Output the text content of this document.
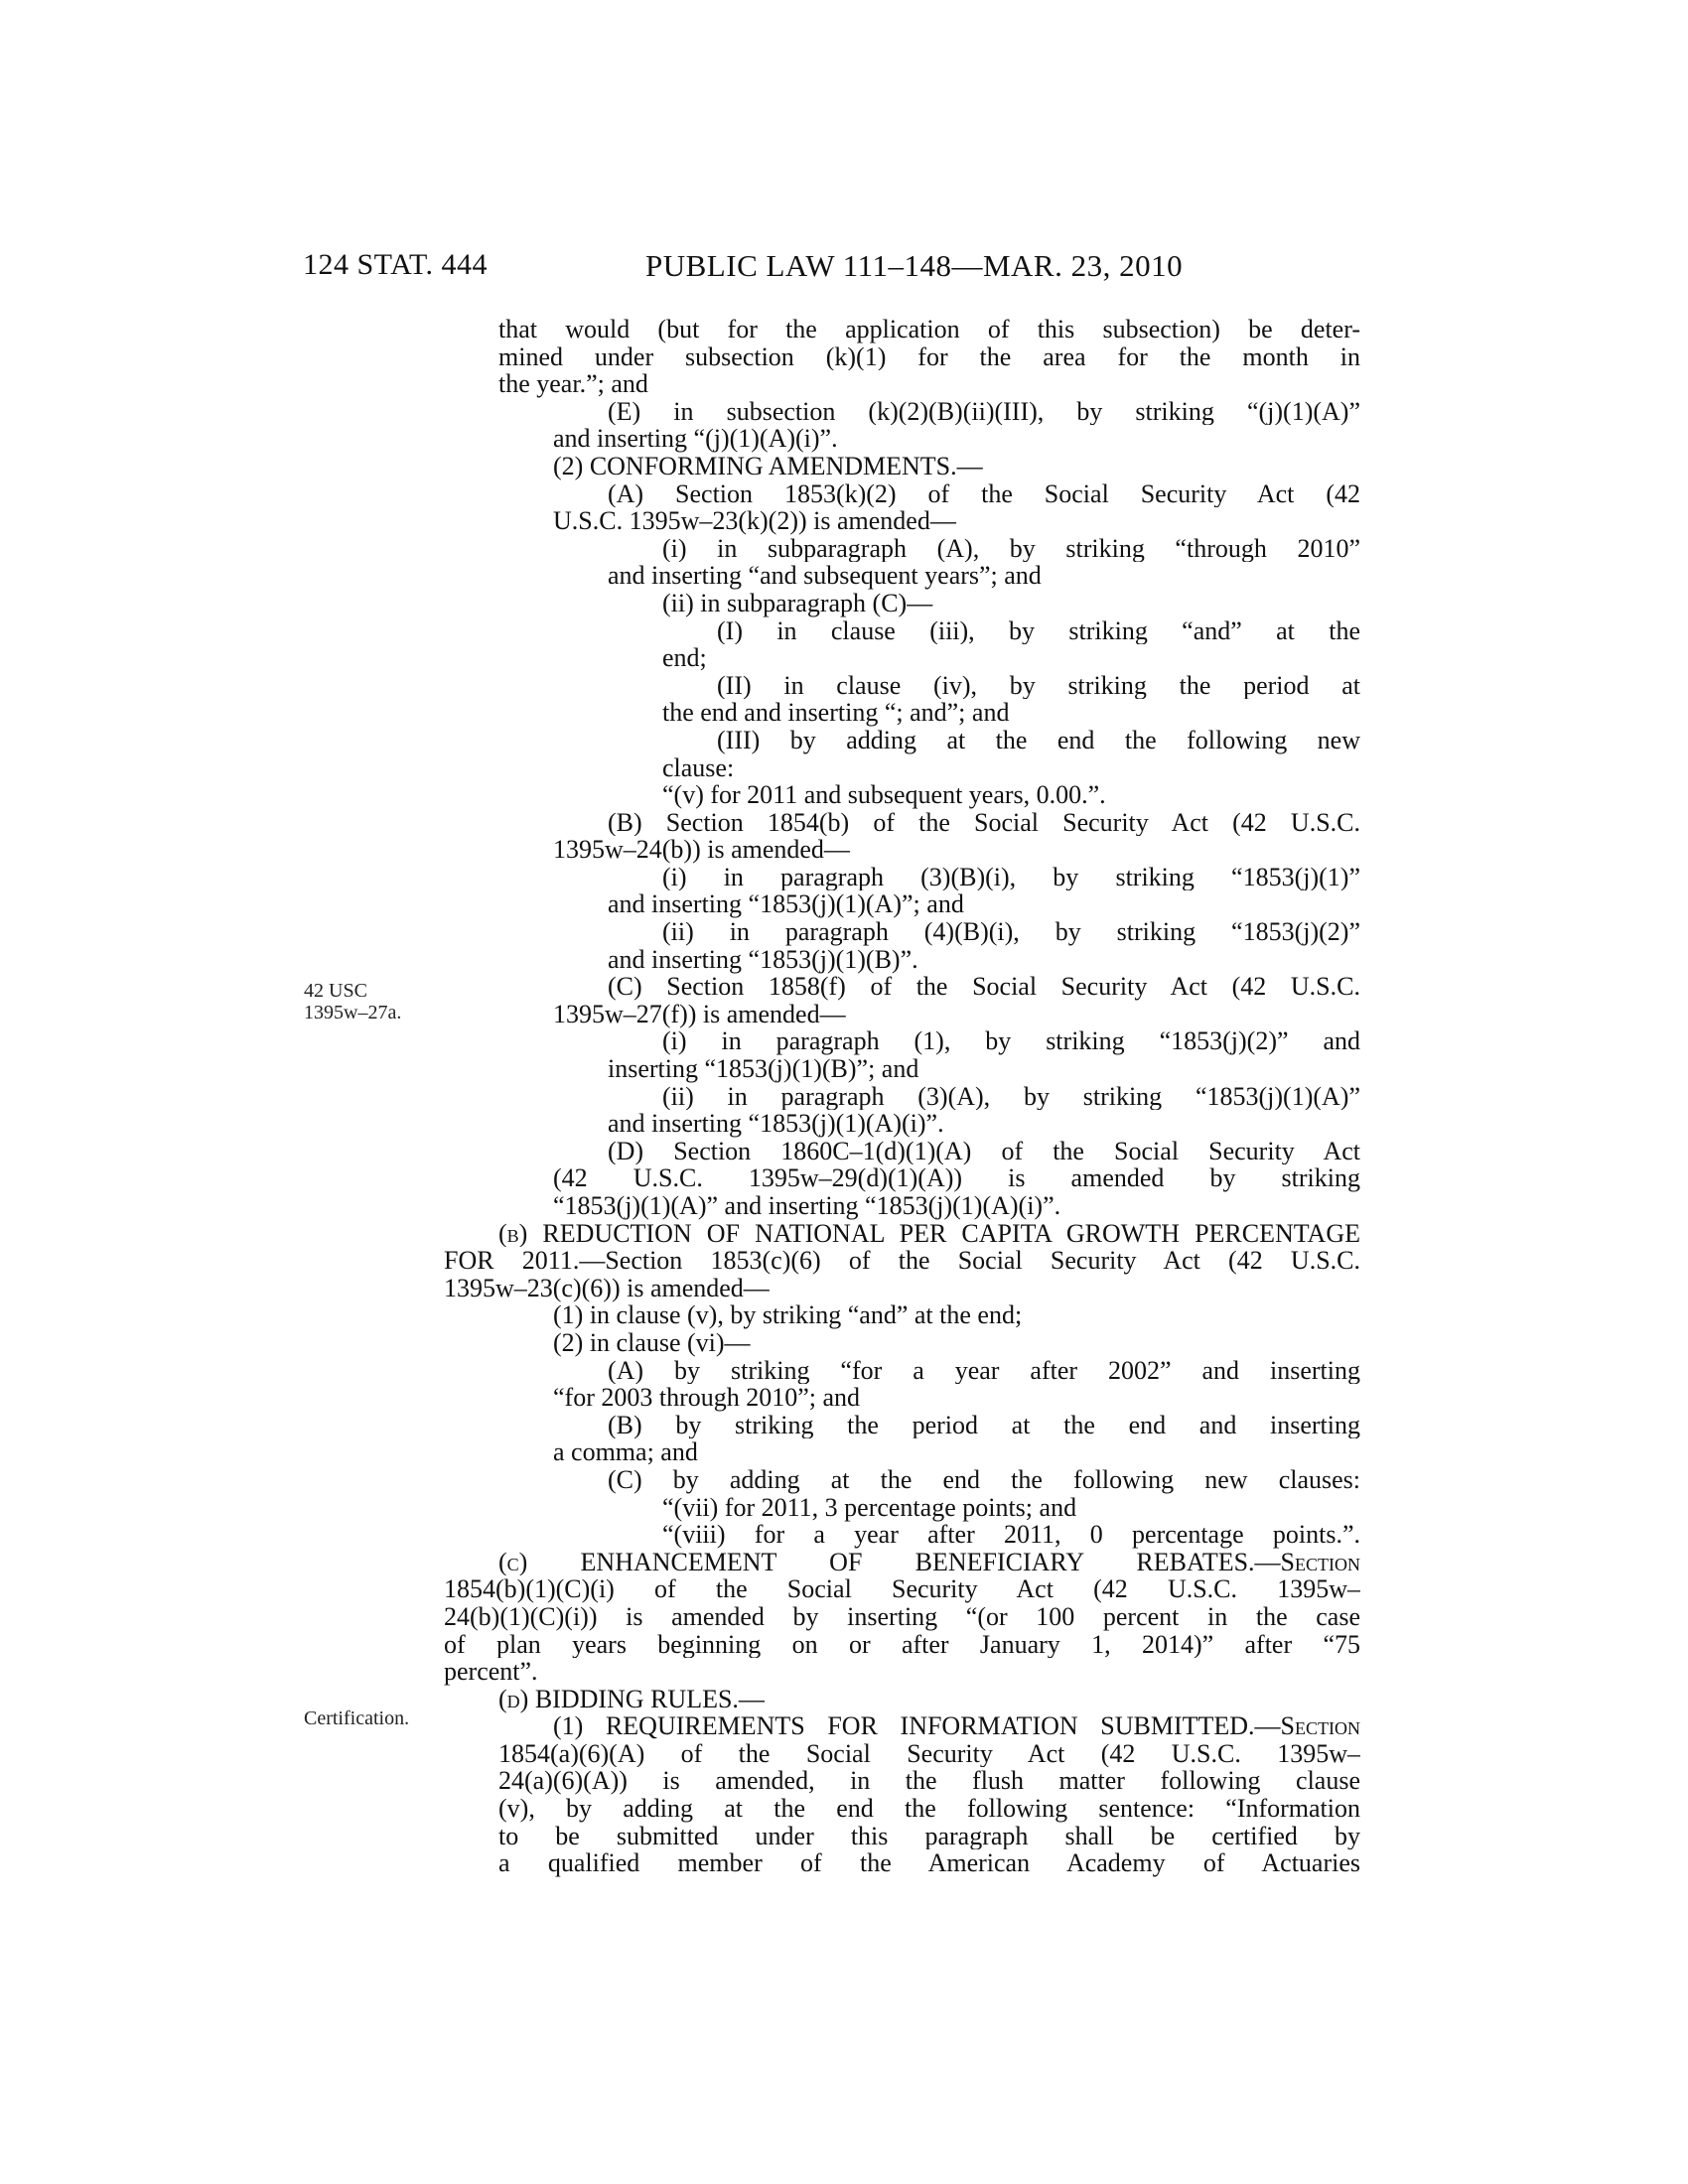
124 STAT. 444	PUBLIC LAW 111–148—MAR. 23, 2010
42 USC
1395w–27a.
Certification.
that would (but for the application of this subsection) be deter-
mined under subsection (k)(1) for the area for the month in
the year.”; and
(E) in subsection (k)(2)(B)(ii)(III), by striking “(j)(1)(A)”
and inserting “(j)(1)(A)(i)”.
(2) CONFORMING AMENDMENTS.—
(A) Section 1853(k)(2) of the Social Security Act (42
U.S.C. 1395w–23(k)(2)) is amended—
(i) in subparagraph (A), by striking “through 2010”
and inserting “and subsequent years”; and
(ii) in subparagraph (C)—
(I) in clause (iii), by striking “and” at the
end;
(II) in clause (iv), by striking the period at
the end and inserting “; and”; and
(III) by adding at the end the following new
clause:
“(v) for 2011 and subsequent years, 0.00.”.
(B) Section 1854(b) of the Social Security Act (42 U.S.C.
1395w–24(b)) is amended—
(i) in paragraph (3)(B)(i), by striking “1853(j)(1)”
and inserting “1853(j)(1)(A)”; and
(ii) in paragraph (4)(B)(i), by striking “1853(j)(2)”
and inserting “1853(j)(1)(B)”.
(C) Section 1858(f) of the Social Security Act (42 U.S.C.
1395w–27(f)) is amended—
(i) in paragraph (1), by striking “1853(j)(2)” and
inserting “1853(j)(1)(B)”; and
(ii) in paragraph (3)(A), by striking “1853(j)(1)(A)”
and inserting “1853(j)(1)(A)(i)”.
(D) Section 1860C–1(d)(1)(A) of the Social Security Act
(42 U.S.C. 1395w–29(d)(1)(A)) is amended by striking
“1853(j)(1)(A)” and inserting “1853(j)(1)(A)(i)”.
(b) REDUCTION OF NATIONAL PER CAPITA GROWTH PERCENTAGE
FOR 2011.—Section 1853(c)(6) of the Social Security Act (42 U.S.C.
1395w–23(c)(6)) is amended—
(1) in clause (v), by striking “and” at the end;
(2) in clause (vi)—
(A) by striking “for a year after 2002” and inserting
“for 2003 through 2010”; and
(B) by striking the period at the end and inserting
a comma; and
(C) by adding at the end the following new clauses:
“(vii) for 2011, 3 percentage points; and
“(viii) for a year after 2011, 0 percentage points.”.
(c) ENHANCEMENT OF BENEFICIARY REBATES.—Section
1854(b)(1)(C)(i) of the Social Security Act (42 U.S.C. 1395w–
24(b)(1)(C)(i)) is amended by inserting “(or 100 percent in the case
of plan years beginning on or after January 1, 2014)” after “75
percent”.
(d) BIDDING RULES.—
(1) REQUIREMENTS FOR INFORMATION SUBMITTED.—Section
1854(a)(6)(A) of the Social Security Act (42 U.S.C. 1395w–
24(a)(6)(A)) is amended, in the flush matter following clause
(v), by adding at the end the following sentence: “Information
to be submitted under this paragraph shall be certified by
a qualified member of the American Academy of Actuaries
